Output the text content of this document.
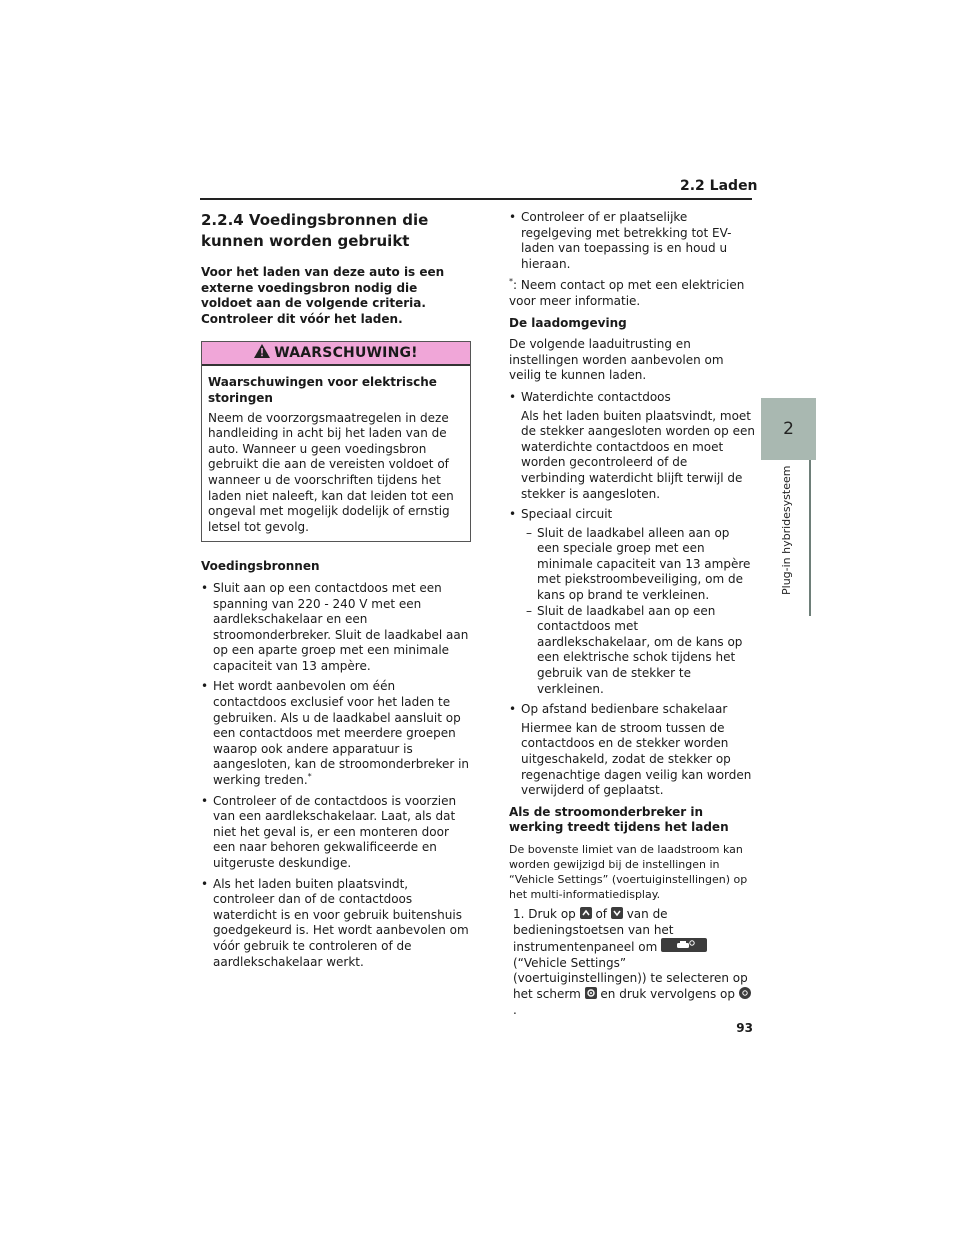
2.2 Laden
2
Plug-in hybridesysteem
2.2.4 Voedingsbronnen die kunnen worden gebruikt

Voor het laden van deze auto is een externe voedingsbron nodig die voldoet aan de volgende criteria. Controleer dit vóór het laden.

WAARSCHUWING!

Waarschuwingen voor elektrische storingen

Neem de voorzorgsmaatregelen in deze handleiding in acht bij het laden van de auto. Wanneer u geen voedingsbron gebruikt die aan de vereisten voldoet of wanneer u de voorschriften tijdens het laden niet naleeft, kan dat leiden tot een ongeval met mogelijk dodelijk of ernstig letsel tot gevolg.

Voedingsbronnen

• Sluit aan op een contactdoos met een spanning van 220 - 240 V met een aardlekschakelaar en een stroomonderbreker. Sluit de laadkabel aan op een aparte groep met een minimale capaciteit van 13 ampère.
• Het wordt aanbevolen om één contactdoos exclusief voor het laden te gebruiken. Als u de laadkabel aansluit op een contactdoos met meerdere groepen waarop ook andere apparatuur is aangesloten, kan de stroomonderbreker in werking treden.*
• Controleer of de contactdoos is voorzien van een aardlekschakelaar. Laat, als dat niet het geval is, er een monteren door een naar behoren gekwalificeerde en uitgeruste deskundige.
• Als het laden buiten plaatsvindt, controleer dan of de contactdoos waterdicht is en voor gebruik buitenshuis goedgekeurd is. Het wordt aanbevolen om vóór gebruik te controleren of de aardlekschakelaar werkt.
• Controleer of er plaatselijke regelgeving met betrekking tot EV-laden van toepassing is en houd u hieraan.

*: Neem contact op met een elektricien voor meer informatie.

De laadomgeving

De volgende laaduitrusting en instellingen worden aanbevolen om veilig te kunnen laden.

• Waterdichte contactdoos

Als het laden buiten plaatsvindt, moet de stekker aangesloten worden op een waterdichte contactdoos en moet worden gecontroleerd of de verbinding waterdicht blijft terwijl de stekker is aangesloten.

• Speciaal circuit

– Sluit de laadkabel alleen aan op een speciale groep met een minimale capaciteit van 13 ampère met piekstroombeveiliging, om de kans op brand te verkleinen.
– Sluit de laadkabel aan op een contactdoos met aardlekschakelaar, om de kans op een elektrische schok tijdens het gebruik van de stekker te verkleinen.

• Op afstand bedienbare schakelaar

Hiermee kan de stroom tussen de contactdoos en de stekker worden uitgeschakeld, zodat de stekker op regenachtige dagen veilig kan worden verwijderd of geplaatst.

Als de stroomonderbreker in werking treedt tijdens het laden

De bovenste limiet van de laadstroom kan worden gewijzigd bij de instellingen in “Vehicle Settings” (voertuiginstellingen) op het multi-informatiedisplay.

1. Druk op of van de bedieningstoetsen van het instrumentenpaneel om
(“Vehicle Settings” (voertuiginstellingen)) te selecteren op het scherm en druk vervolgens op
.
93
